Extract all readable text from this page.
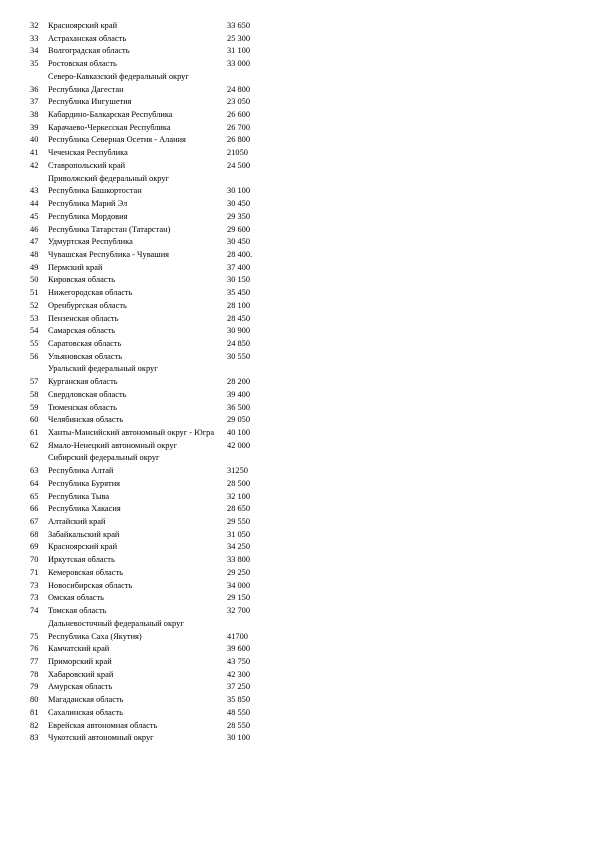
32	Красноярский край	33 650
33	Астраханская область	25 300
34	Волгоградская область	31 100
35	Ростовская область	33 000
Северо-Кавказский федеральный округ
36	Республика Дагестан	24 800
37	Республика Ингушетия	23 050
38	Кабардино-Балкарская Республика	26 600
39	Карачаево-Черкесская Республика	26 700
40	Республика Северная Осетия - Алания	26 800
41	Чеченская Республика	21050
42	Ставропольский край	24 500
Приволжский федеральный округ
43	Республика Башкортостан	30 100
44	Республика Марий Эл	30 450
45	Республика Мордовия	29 350
46	Республика Татарстан (Татарстан)	29 600
47	Удмуртская Республика	30 450
48	Чувашская Республика - Чувашия	28 400.
49	Пермский край	37 400
50	Кировская область	30 150
51	Нижегородская область	35 450
52	Оренбургская область	28 100
53	Пензенская область	28 450
54	Самарская область	30 900
55	Саратовская область	24 850
56	Ульяновская область	30 550
Уральский федеральный округ
57	Курганская область	28 200
58	Свердловская область	39 400
59	Тюменская область	36 500
60	Челябинская область	29 050
61	Ханты-Мансийский автономный округ - Югра 40 100
62	Ямало-Ненецкий автономный округ	42 000
Сибирский федеральный округ
63	Республика Алтай	31250
64	Республика Бурятия	28 500
65	Республика Тыва	32 100
66	Республика Хакасия	28 650
67	Алтайский край	29 550
68	Забайкальский край	31 050
69	Красноярский край	34 250
70	Иркутская область	33 800
71	Кемеровская область	29 250
73	Новосибирская область	34 000
73	Омская область	29 150
74	Томская область	32 700
Дальневосточный федеральный округ
75	Республика Саха (Якутия)	41700
76	Камчатский край	39 600
77	Приморский край	43 750
78	Хабаровский край	42 300
79	Амурская область	37 250
80	Магаданская область	35 850
81	Сахалинская область	48 550
82	Еврейская автономная область	28 550
83	Чукотский автономный округ	30 100
